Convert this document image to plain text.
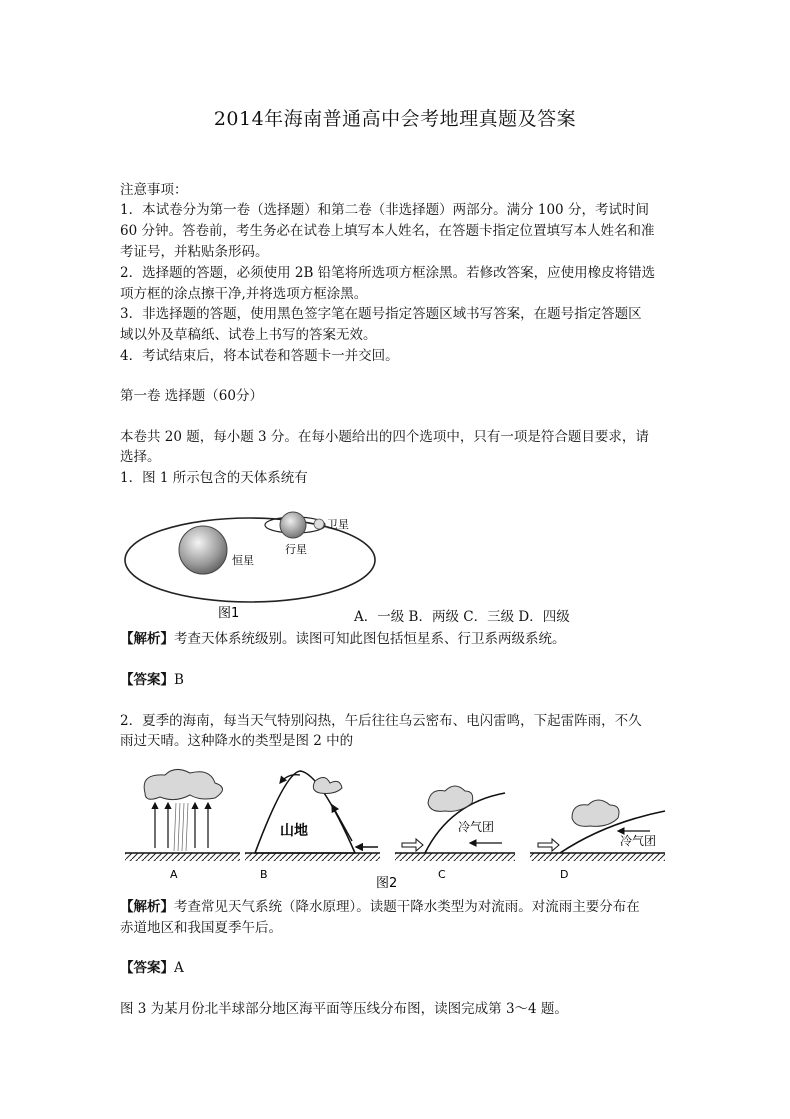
2014年海南普通高中会考地理真题及答案
注意事项：
1．本试卷分为第一卷（选择题）和第二卷（非选择题）两部分。满分 100 分，考试时间
60 分钟。答卷前，考生务必在试卷上填写本人姓名，在答题卡指定位置填写本人姓名和准
考证号，并粘贴条形码。
2．选择题的答题，必须使用 2B 铅笔将所选项方框涂黑。若修改答案，应使用橡皮将错选
项方框的涂点擦干净,并将选项方框涂黑。
3．非选择题的答题，使用黑色签字笔在题号指定答题区域书写答案，在题号指定答题区
域以外及草稿纸、试卷上书写的答案无效。
4．考试结束后，将本试卷和答题卡一并交回。
第一卷 选择题（60分）
本卷共 20 题，每小题 3 分。在每小题给出的四个选项中，只有一项是符合题目要求，请
选择。
1．图 1 所示包含的天体系统有
恒星
行星
卫星
图1	A．一级 B．两级 C．三级 D．四级
【解析】考查天体系统级别。读图可知此图包括恒星系、行卫系两级系统。
【答案】B
2．夏季的海南，每当天气特别闷热，午后往往乌云密布、电闪雷鸣，下起雷阵雨，不久
雨过天晴。这种降水的类型是图 2 中的
A
山地
B
冷气团
C
冷气团
D
图2
【解析】考查常见天气系统（降水原理）。读题干降水类型为对流雨。对流雨主要分布在
赤道地区和我国夏季午后。
【答案】A
图 3 为某月份北半球部分地区海平面等压线分布图，读图完成第 3～4 题。
